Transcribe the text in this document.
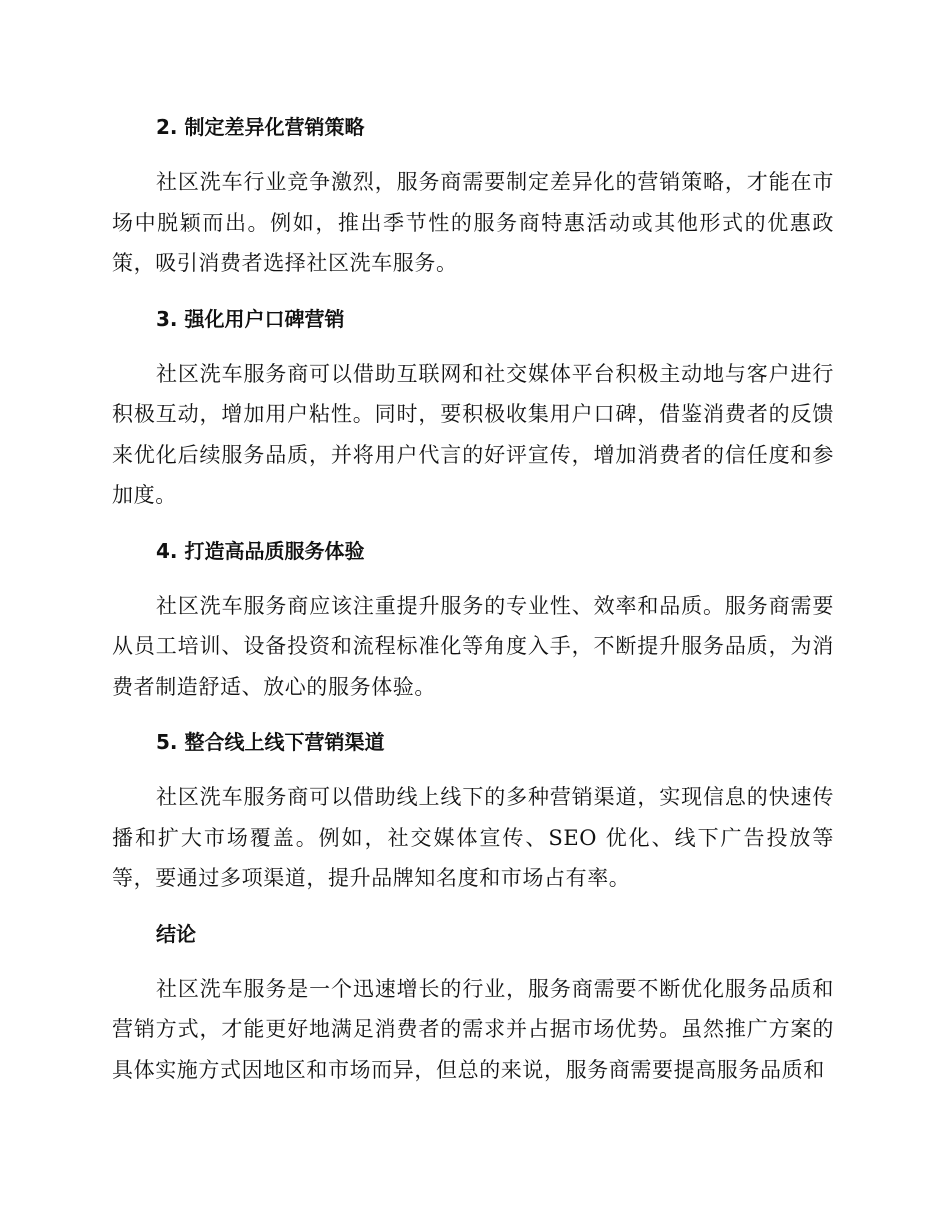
2. 制定差异化营销策略

社区洗车行业竞争激烈，服务商需要制定差异化的营销策略，才能在市场中脱颖而出。例如，推出季节性的服务商特惠活动或其他形式的优惠政策，吸引消费者选择社区洗车服务。

3. 强化用户口碑营销

社区洗车服务商可以借助互联网和社交媒体平台积极主动地与客户进行积极互动，增加用户粘性。同时，要积极收集用户口碑，借鉴消费者的反馈来优化后续服务品质，并将用户代言的好评宣传，增加消费者的信任度和参加度。

4. 打造高品质服务体验

社区洗车服务商应该注重提升服务的专业性、效率和品质。服务商需要从员工培训、设备投资和流程标准化等角度入手，不断提升服务品质，为消费者制造舒适、放心的服务体验。

5. 整合线上线下营销渠道

社区洗车服务商可以借助线上线下的多种营销渠道，实现信息的快速传播和扩大市场覆盖。例如，社交媒体宣传、SEO 优化、线下广告投放等等，要通过多项渠道，提升品牌知名度和市场占有率。

结论

社区洗车服务是一个迅速增长的行业，服务商需要不断优化服务品质和营销方式，才能更好地满足消费者的需求并占据市场优势。虽然推广方案的具体实施方式因地区和市场而异，但总的来说，服务商需要提高服务品质和
